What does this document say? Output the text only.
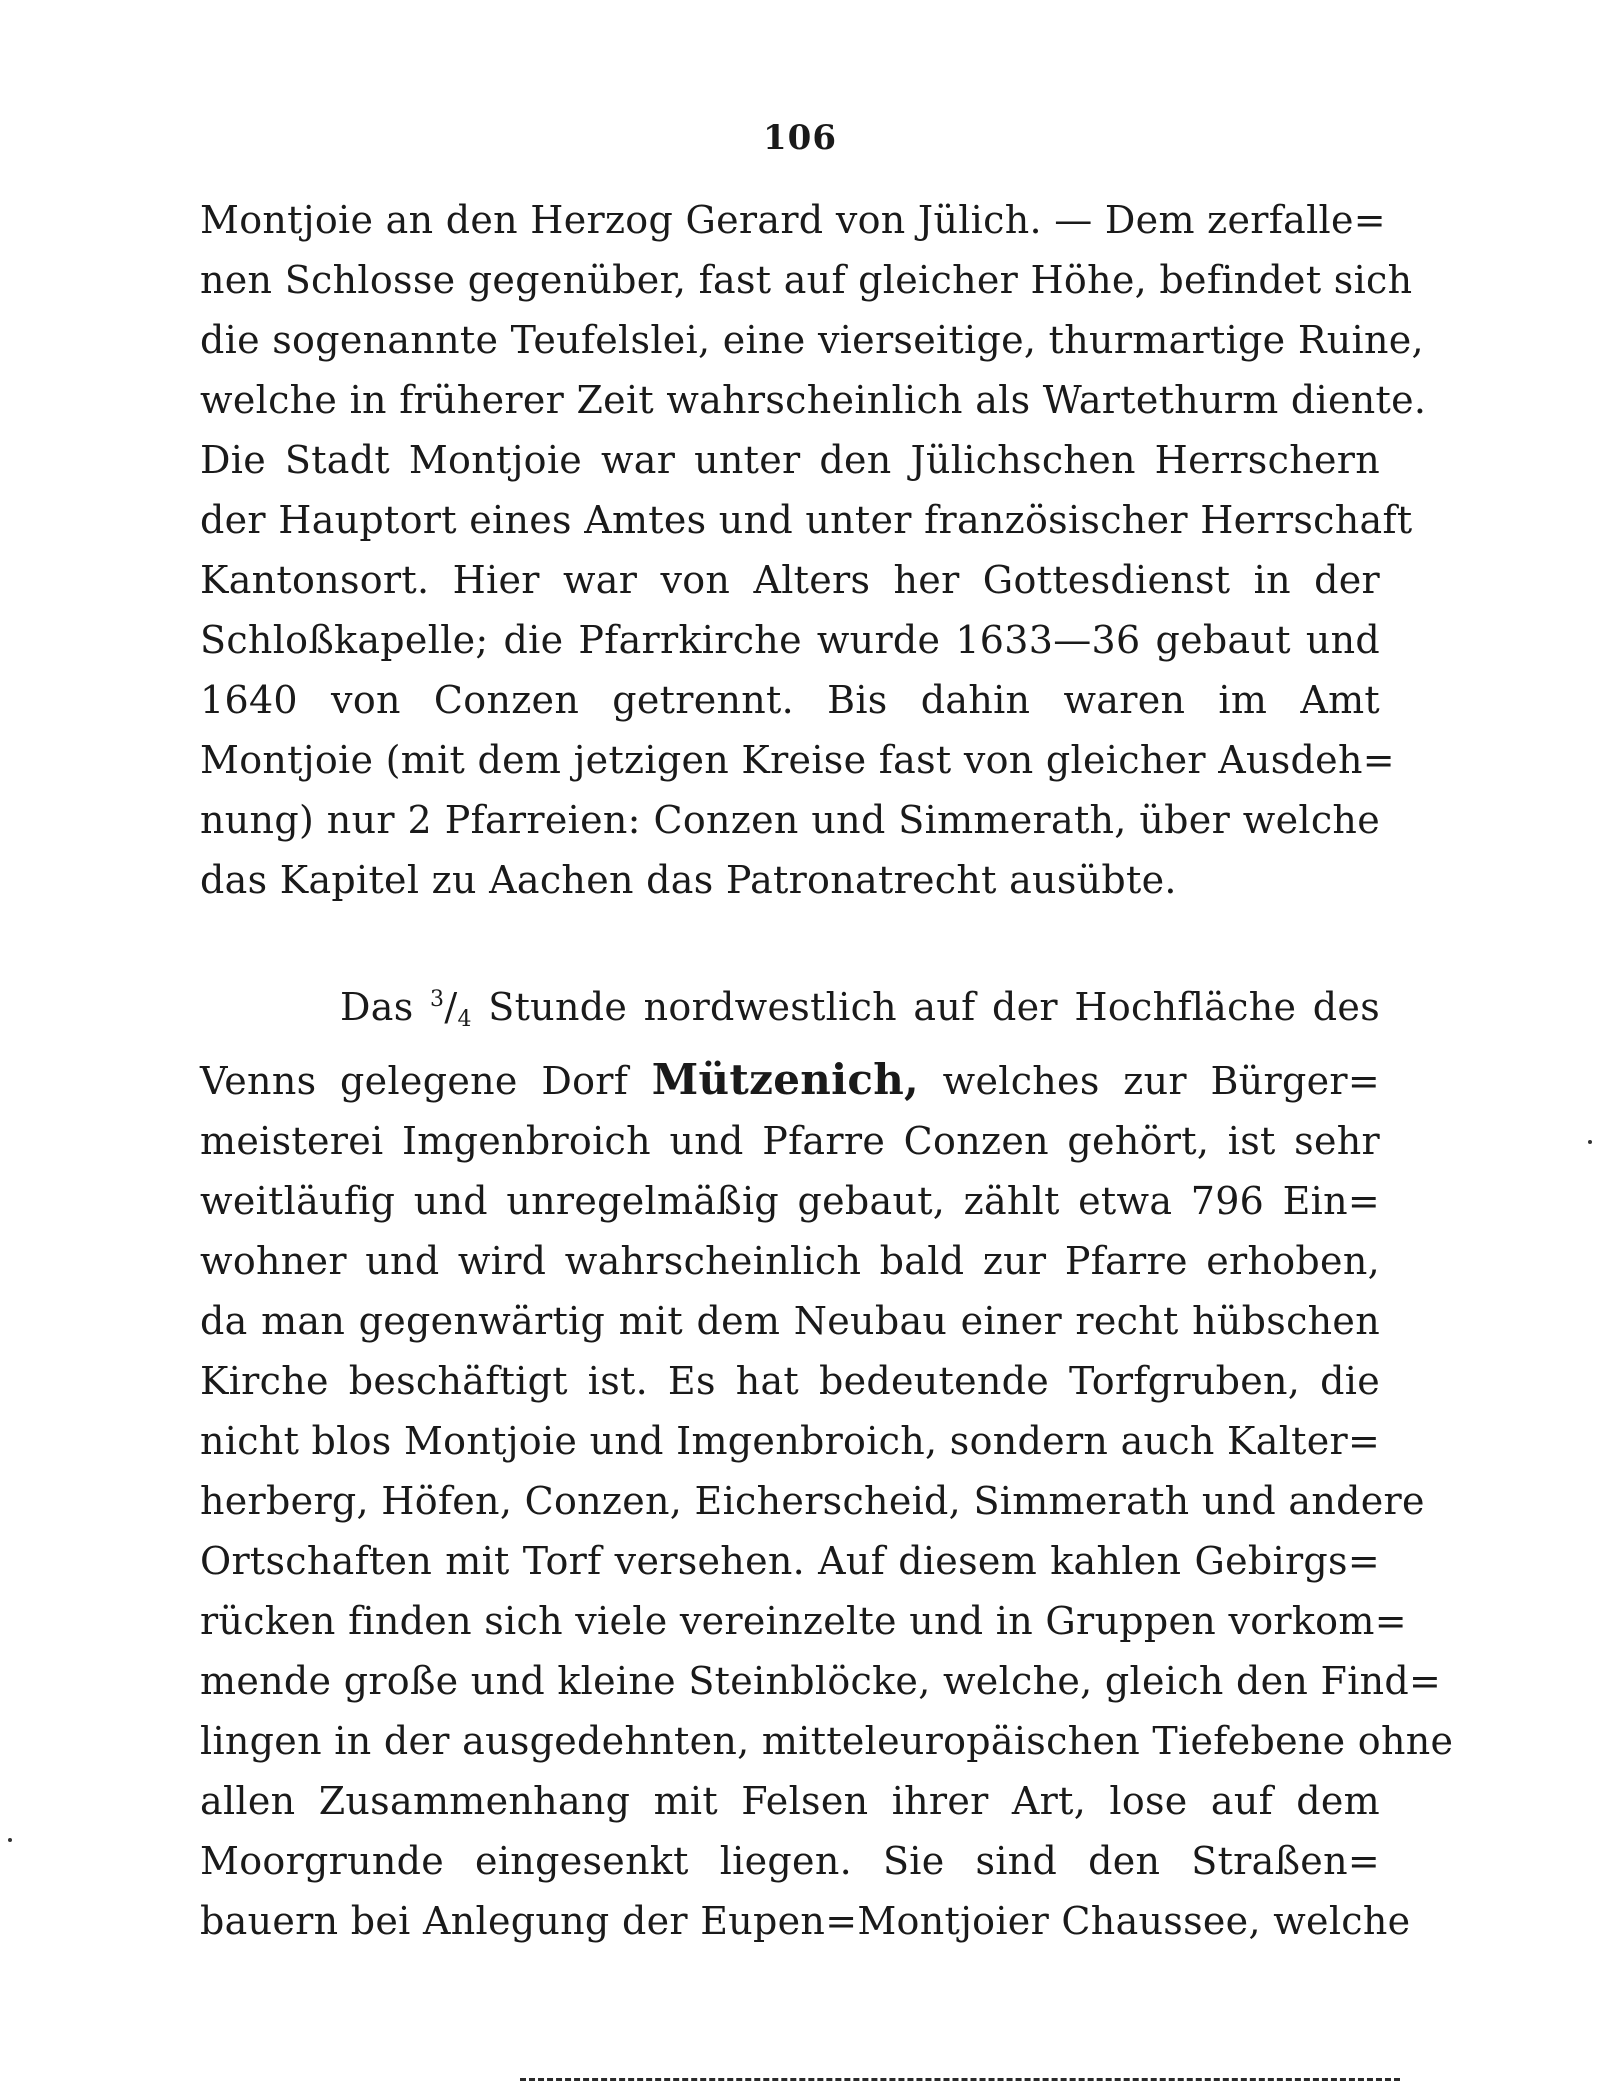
106
Montjoie an den Herzog Gerard von Jülich. — Dem zerfalle=
nen Schlosse gegenüber, fast auf gleicher Höhe, befindet sich
die sogenannte Teufelslei, eine vierseitige, thurmartige Ruine,
welche in früherer Zeit wahrscheinlich als Wartethurm diente.
Die Stadt Montjoie war unter den Jülichschen Herrschern
der Hauptort eines Amtes und unter französischer Herrschaft
Kantonsort. Hier war von Alters her Gottesdienst in der
Schloßkapelle; die Pfarrkirche wurde 1633—36 gebaut und
1640 von Conzen getrennt. Bis dahin waren im Amt
Montjoie (mit dem jetzigen Kreise fast von gleicher Ausdeh=
nung) nur 2 Pfarreien: Conzen und Simmerath, über welche
das Kapitel zu Aachen das Patronatrecht ausübte.
Das $^3/_4$ Stunde nordwestlich auf der Hochfläche des
Venns gelegene Dorf Mützenich, welches zur Bürger=
meisterei Imgenbroich und Pfarre Conzen gehört, ist sehr
weitläufig und unregelmäßig gebaut, zählt etwa 796 Ein=
wohner und wird wahrscheinlich bald zur Pfarre erhoben,
da man gegenwärtig mit dem Neubau einer recht hübschen
Kirche beschäftigt ist. Es hat bedeutende Torfgruben, die
nicht blos Montjoie und Imgenbroich, sondern auch Kalter=
herberg, Höfen, Conzen, Eicherscheid, Simmerath und andere
Ortschaften mit Torf versehen. Auf diesem kahlen Gebirgs=
rücken finden sich viele vereinzelte und in Gruppen vorkom=
mende große und kleine Steinblöcke, welche, gleich den Find=
lingen in der ausgedehnten, mitteleuropäischen Tiefebene ohne
allen Zusammenhang mit Felsen ihrer Art, lose auf dem
Moorgrunde eingesenkt liegen. Sie sind den Straßen=
bauern bei Anlegung der Eupen=Montjoier Chaussee, welche
